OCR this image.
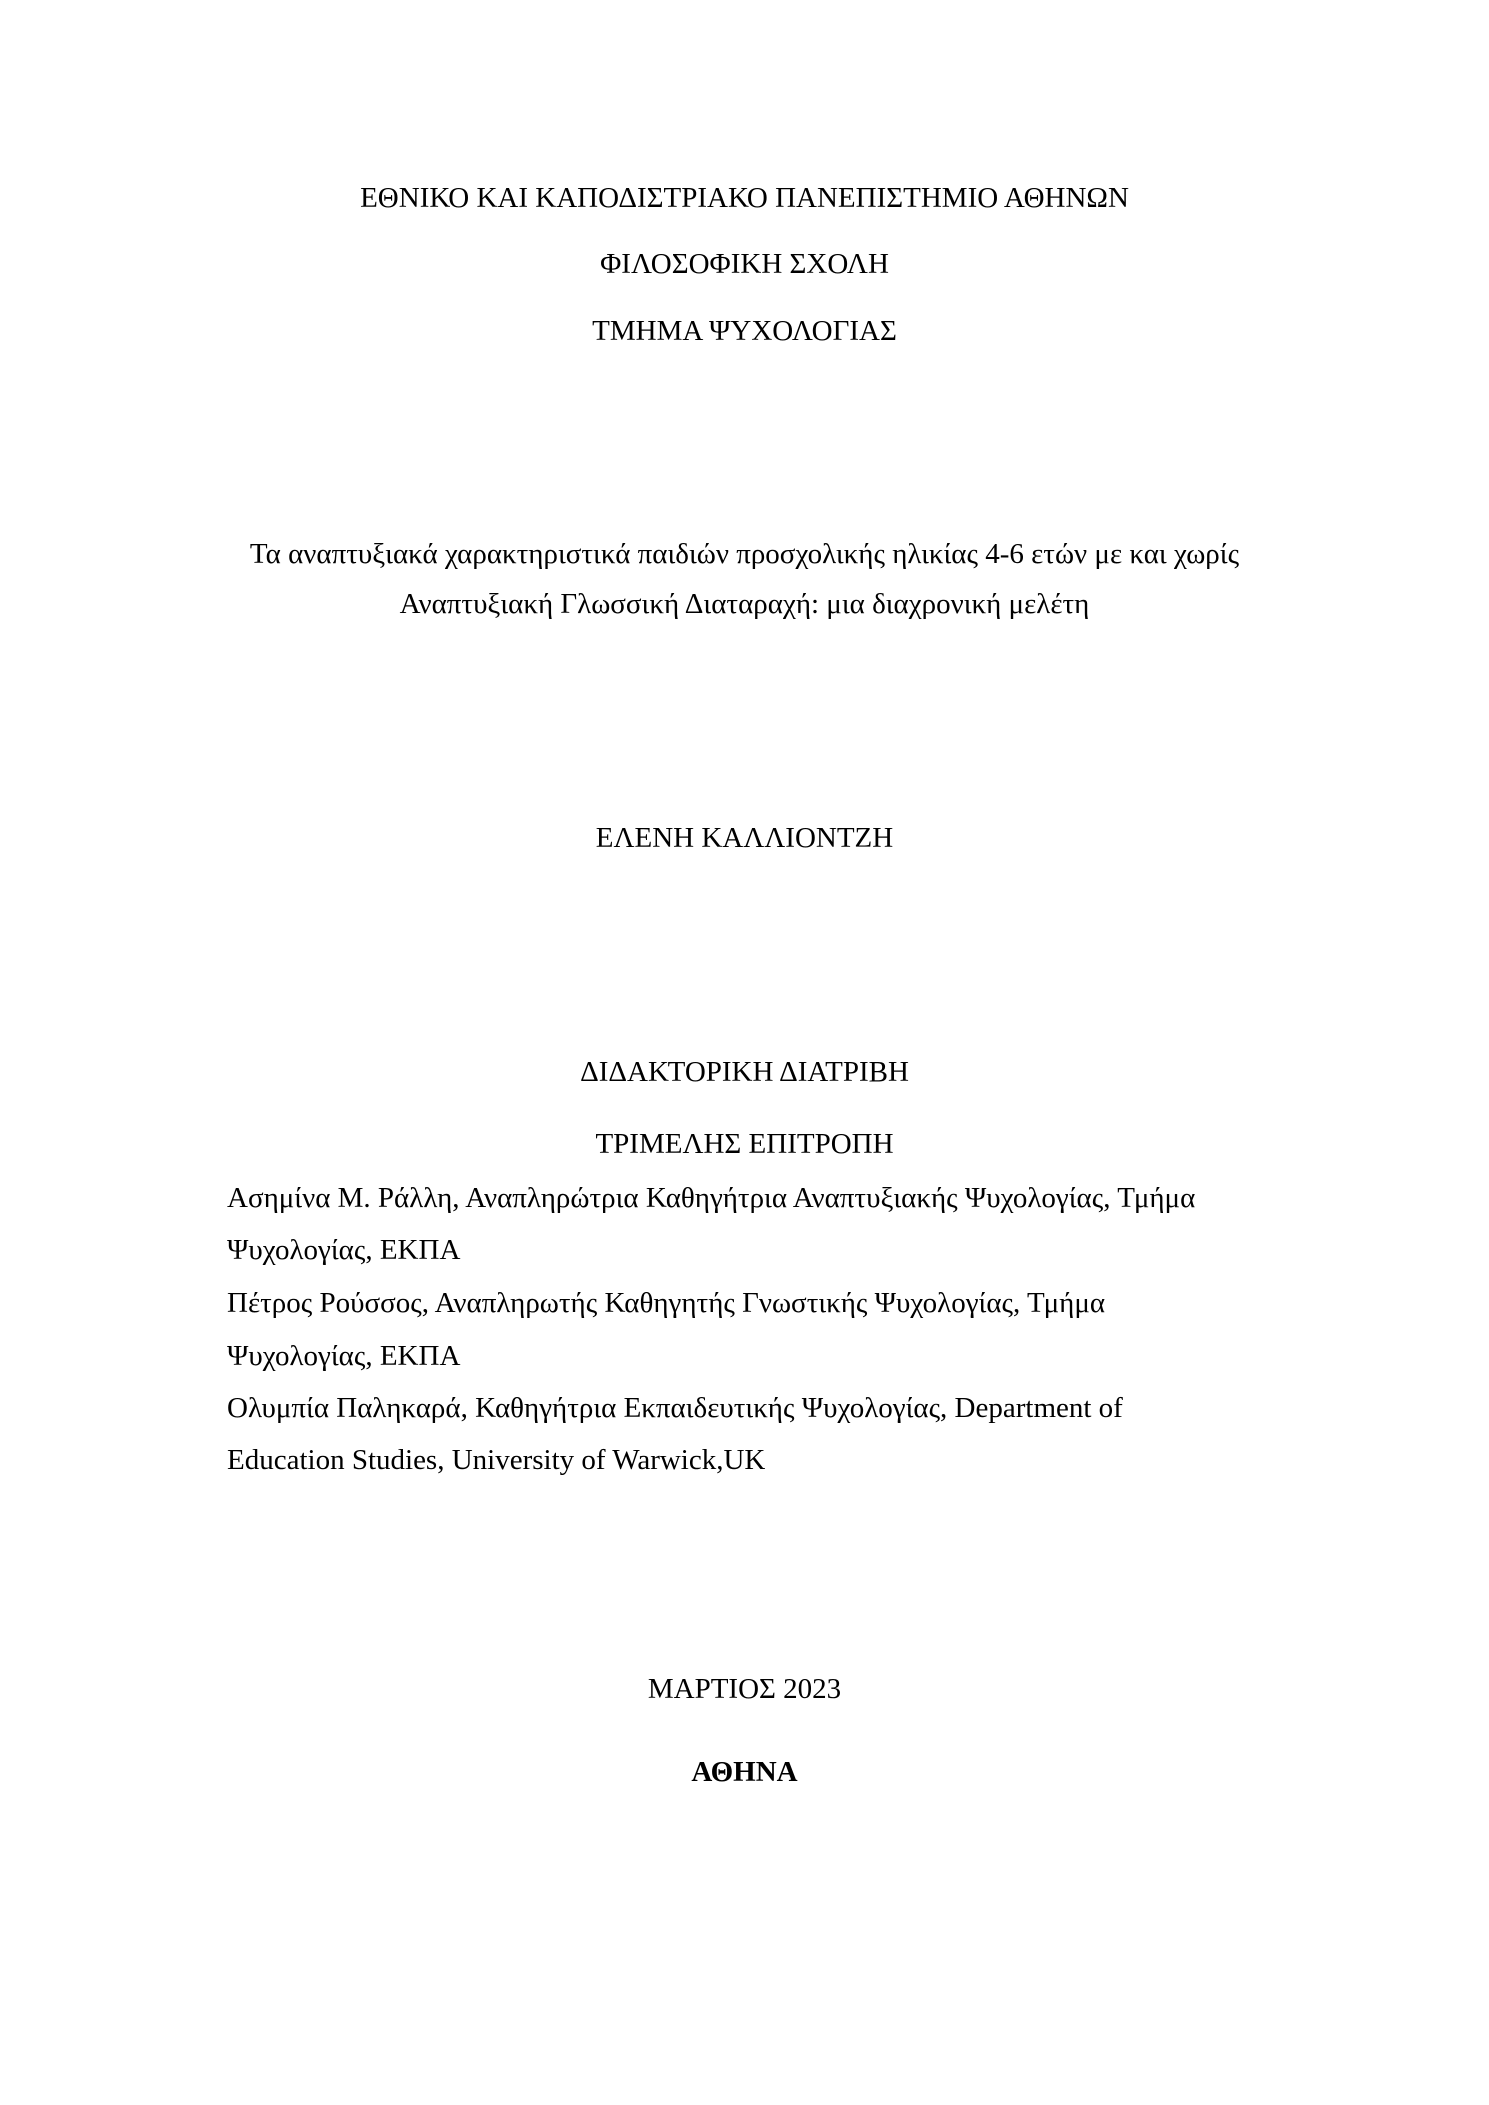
ΕΘΝΙΚΟ ΚΑΙ ΚΑΠΟΔΙΣΤΡΙΑΚΟ ΠΑΝΕΠΙΣΤΗΜΙΟ ΑΘΗΝΩΝ
ΦΙΛΟΣΟΦΙΚΗ ΣΧΟΛΗ
ΤΜΗΜΑ ΨΥΧΟΛΟΓΙΑΣ
Τα αναπτυξιακά χαρακτηριστικά παιδιών προσχολικής ηλικίας 4-6 ετών με και χωρίς
Αναπτυξιακή Γλωσσική Διαταραχή: μια διαχρονική μελέτη
ΕΛΕΝΗ ΚΑΛΛΙΟΝΤΖΗ
ΔΙΔΑΚΤΟΡΙΚΗ ΔΙΑΤΡΙΒΗ
ΤΡΙΜΕΛΗΣ ΕΠΙΤΡΟΠΗ
Ασημίνα Μ. Ράλλη, Αναπληρώτρια Καθηγήτρια Αναπτυξιακής Ψυχολογίας, Τμήμα
Ψυχολογίας, ΕΚΠΑ
Πέτρος Ρούσσος, Αναπληρωτής Καθηγητής Γνωστικής Ψυχολογίας, Τμήμα
Ψυχολογίας, ΕΚΠΑ
Ολυμπία Παληκαρά, Καθηγήτρια Εκπαιδευτικής Ψυχολογίας, Department of
Education Studies, University of Warwick,UK
ΜΑΡΤΙΟΣ 2023
ΑΘΗΝΑ
